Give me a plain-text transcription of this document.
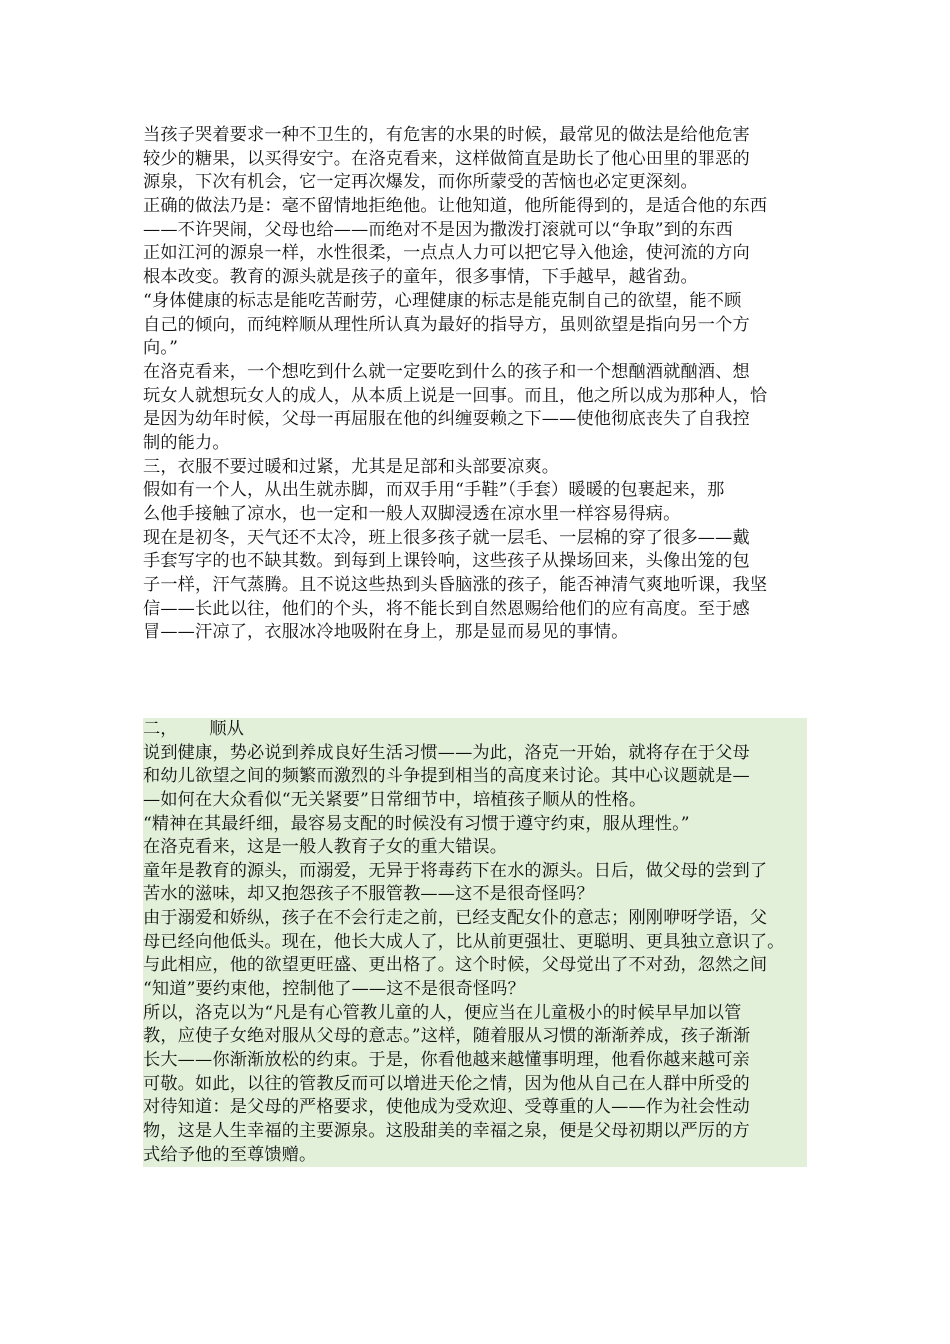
当孩子哭着要求一种不卫生的，有危害的水果的时候，最常见的做法是给他危害
较少的糖果，以买得安宁。在洛克看来，这样做简直是助长了他心田里的罪恶的
源泉，下次有机会，它一定再次爆发，而你所蒙受的苦恼也必定更深刻。
正确的做法乃是：毫不留情地拒绝他。让他知道，他所能得到的，是适合他的东西
——不许哭闹，父母也给——而绝对不是因为撒泼打滚就可以“争取”到的东西
正如江河的源泉一样，水性很柔，一点点人力可以把它导入他途，使河流的方向
根本改变。教育的源头就是孩子的童年，很多事情，下手越早，越省劲。
“身体健康的标志是能吃苦耐劳，心理健康的标志是能克制自己的欲望，能不顾
自己的倾向，而纯粹顺从理性所认真为最好的指导方，虽则欲望是指向另一个方
向。”
在洛克看来，一个想吃到什么就一定要吃到什么的孩子和一个想酗酒就酗酒、想
玩女人就想玩女人的成人，从本质上说是一回事。而且，他之所以成为那种人，恰
是因为幼年时候，父母一再屈服在他的纠缠耍赖之下——使他彻底丧失了自我控
制的能力。
三，衣服不要过暖和过紧，尤其是足部和头部要凉爽。
假如有一个人，从出生就赤脚，而双手用“手鞋”（手套）暖暖的包裹起来，那
么他手接触了凉水，也一定和一般人双脚浸透在凉水里一样容易得病。
现在是初冬，天气还不太冷，班上很多孩子就一层毛、一层棉的穿了很多——戴
手套写字的也不缺其数。到每到上课铃响，这些孩子从操场回来，头像出笼的包
子一样，汗气蒸腾。且不说这些热到头昏脑涨的孩子，能否神清气爽地听课，我坚
信——长此以往，他们的个头，将不能长到自然恩赐给他们的应有高度。至于感
冒——汗凉了，衣服冰冷地吸附在身上，那是显而易见的事情。
二， 顺从
说到健康，势必说到养成良好生活习惯——为此，洛克一开始，就将存在于父母
和幼儿欲望之间的频繁而激烈的斗争提到相当的高度来讨论。其中心议题就是—
—如何在大众看似“无关紧要”日常细节中，培植孩子顺从的性格。
“精神在其最纤细，最容易支配的时候没有习惯于遵守约束，服从理性。”
在洛克看来，这是一般人教育子女的重大错误。
童年是教育的源头，而溺爱，无异于将毒药下在水的源头。日后，做父母的尝到了
苦水的滋味，却又抱怨孩子不服管教——这不是很奇怪吗？
由于溺爱和娇纵，孩子在不会行走之前，已经支配女仆的意志；刚刚咿呀学语，父
母已经向他低头。现在，他长大成人了，比从前更强壮、更聪明、更具独立意识了。
与此相应，他的欲望更旺盛、更出格了。这个时候，父母觉出了不对劲，忽然之间
“知道”要约束他，控制他了——这不是很奇怪吗？
所以，洛克以为“凡是有心管教儿童的人，便应当在儿童极小的时候早早加以管
教，应使子女绝对服从父母的意志。”这样，随着服从习惯的渐渐养成，孩子渐渐
长大——你渐渐放松的约束。于是，你看他越来越懂事明理，他看你越来越可亲
可敬。如此，以往的管教反而可以增进天伦之情，因为他从自己在人群中所受的
对待知道：是父母的严格要求，使他成为受欢迎、受尊重的人——作为社会性动
物，这是人生幸福的主要源泉。这股甜美的幸福之泉，便是父母初期以严厉的方
式给予他的至尊馈赠。
